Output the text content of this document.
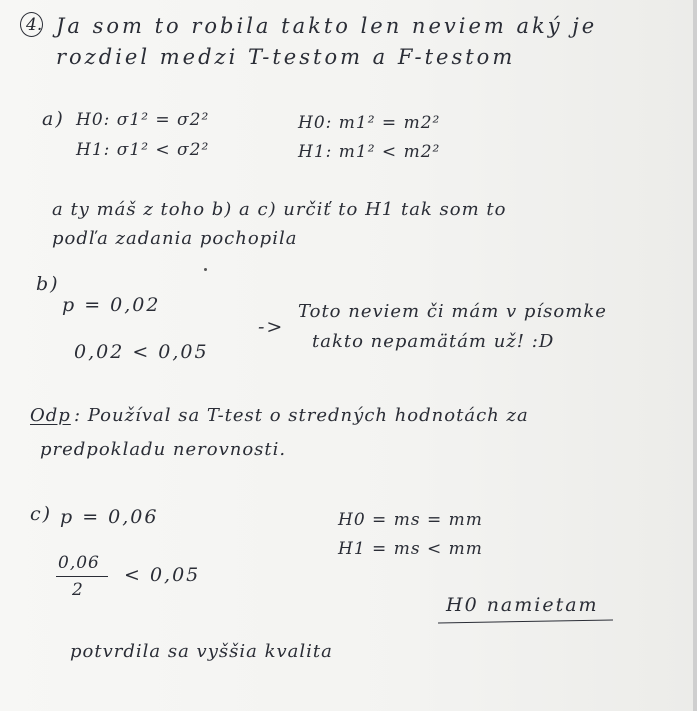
4. Ja som to robila takto len neviem aký je
rozdiel medzi T-testom a F-testom
a) H0: σ1² = σ2²
H1: σ1² < σ2²
H0: m1² = m2²
H1: m1² < m2²
a ty máš z toho b) a c) určiť to H1 tak som to
podľa zadania pochopila
b)
p = 0,02
0,02 < 0,05
->
Toto neviem či mám v písomke
takto nepamätám už! :D
Odp : Používal sa T-test o stredných hodnotách za
predpokladu nerovnosti.
c) p = 0,06
0,06
2
< 0,05
H0 = ms = mm
H1 = ms < mm
H0 namietam
potvrdila sa vyššia kvalita
